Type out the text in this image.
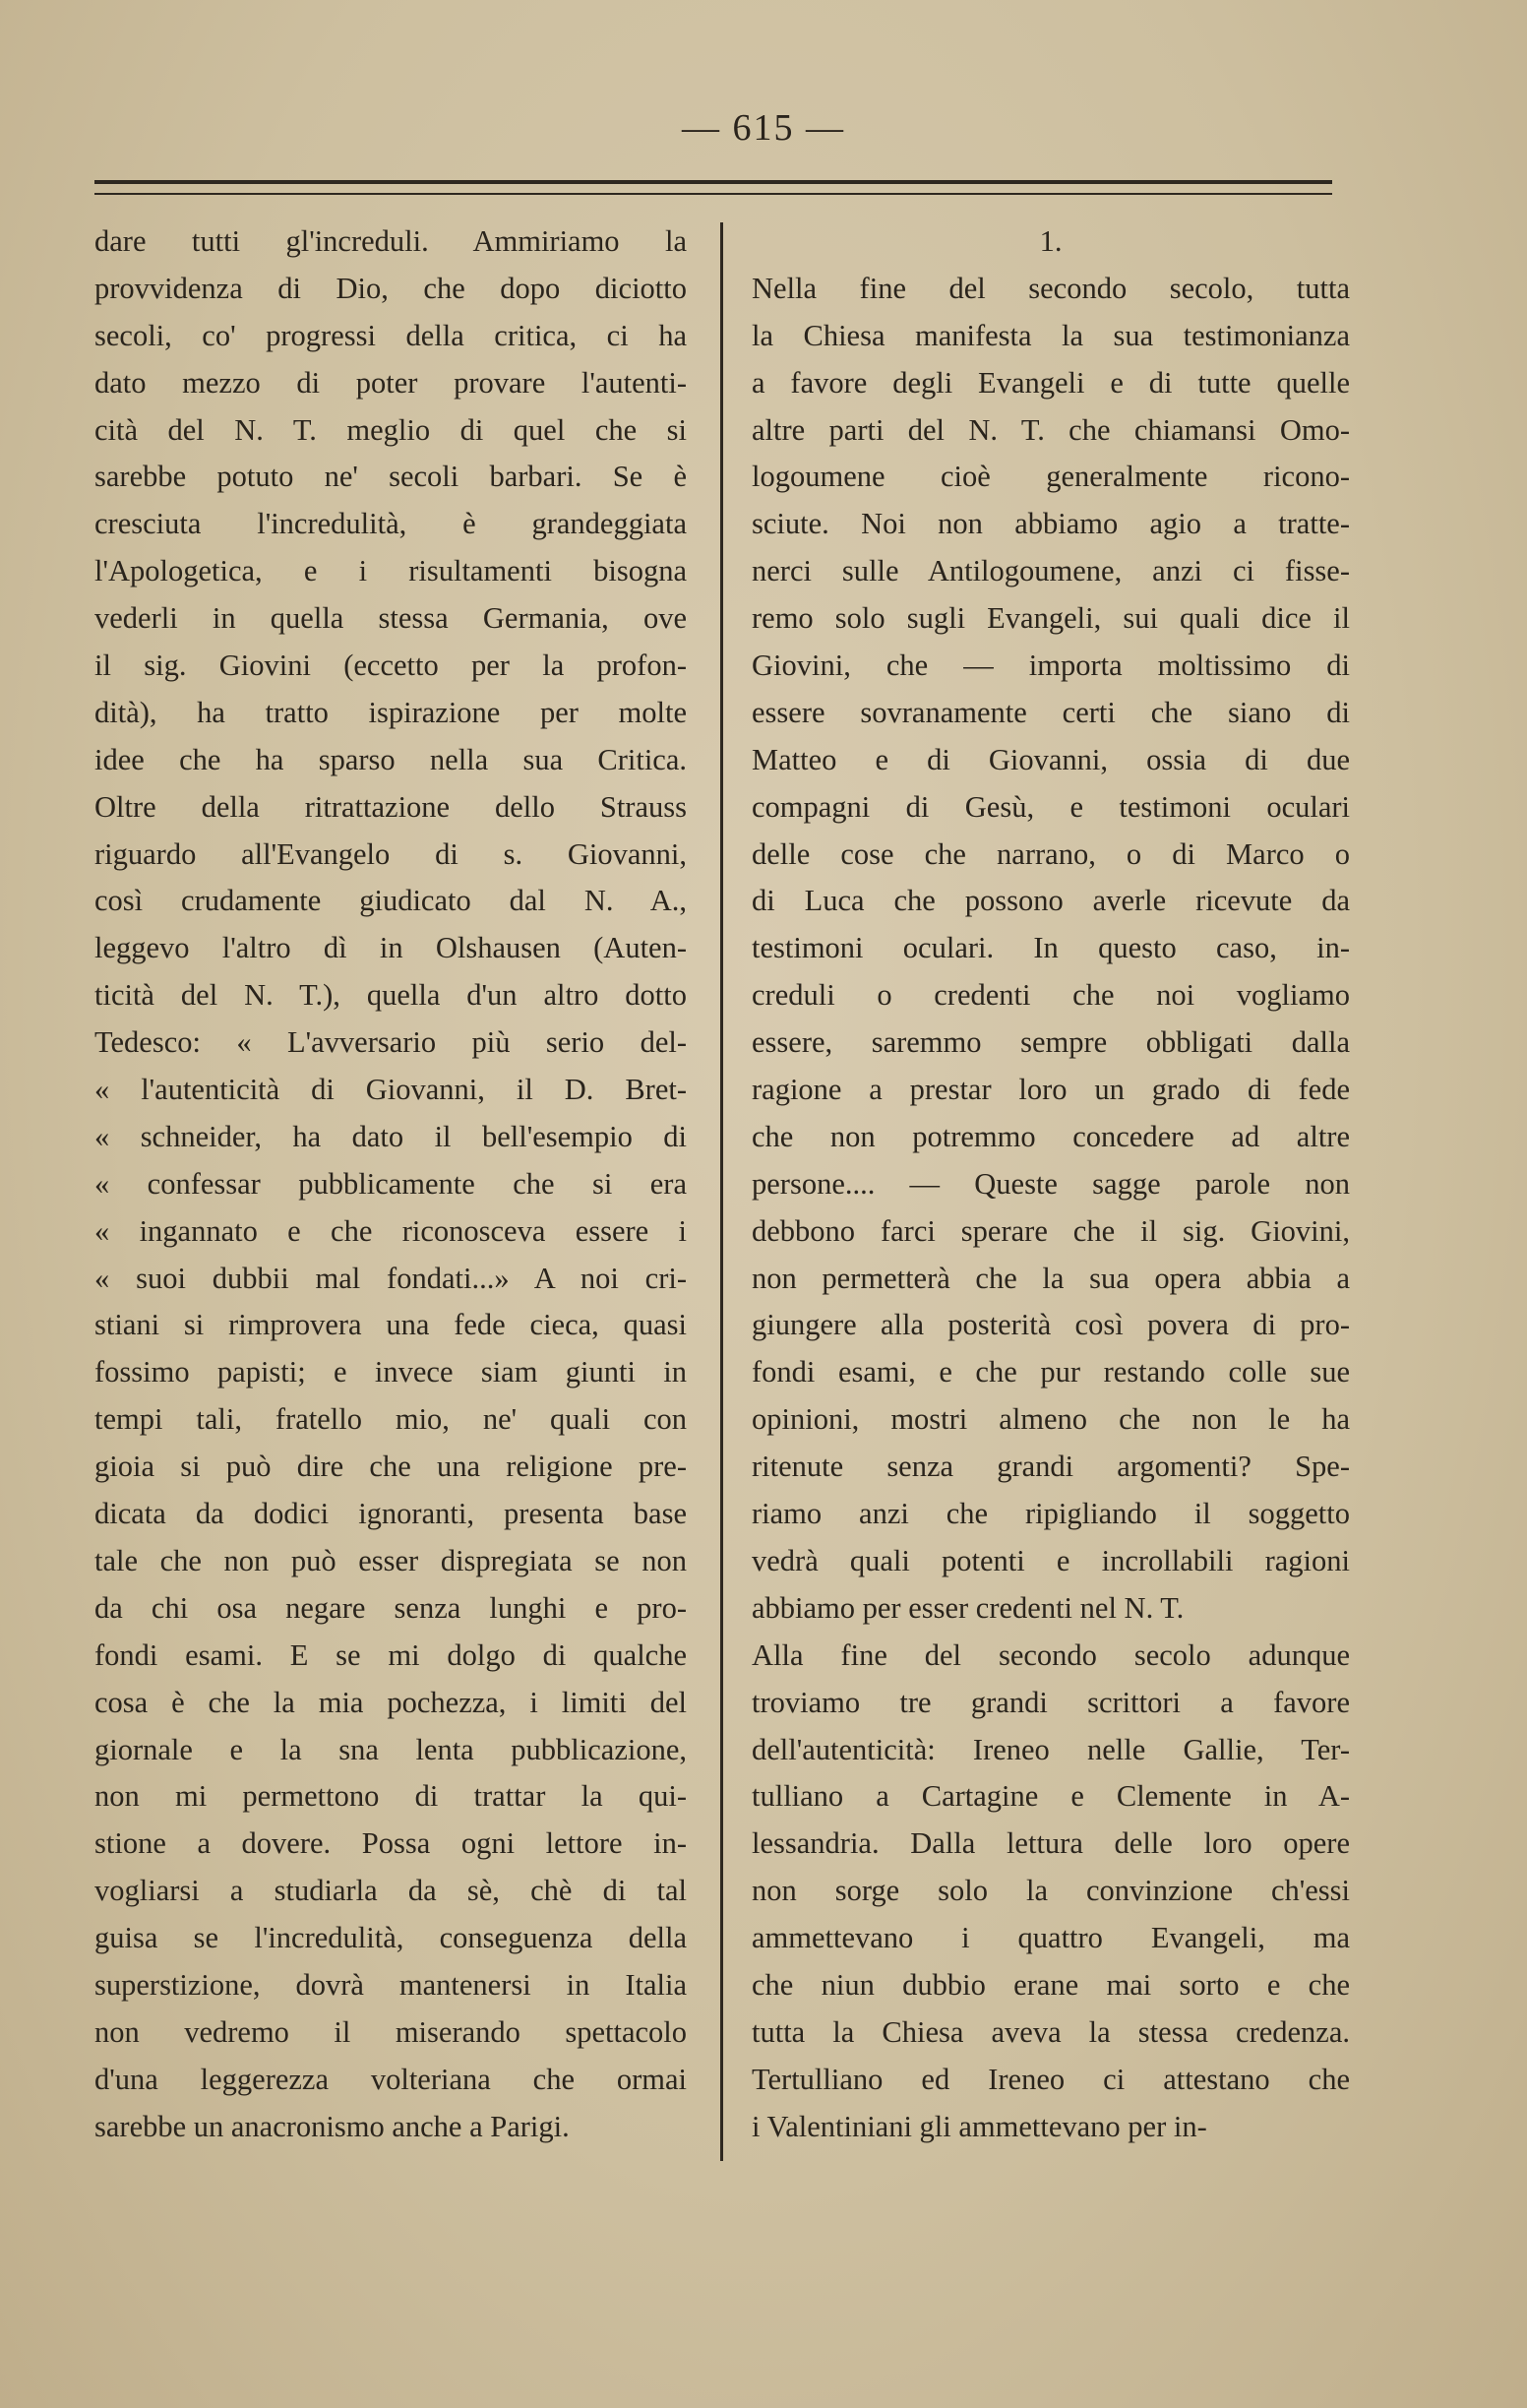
— 615 —
dare tutti gl'increduli. Ammiriamo la
provvidenza di Dio, che dopo diciotto
secoli, co' progressi della critica, ci ha
dato mezzo di poter provare l'autenti-
cità del N. T. meglio di quel che si
sarebbe potuto ne' secoli barbari. Se è
cresciuta l'incredulità, è grandeggiata
l'Apologetica, e i risultamenti bisogna
vederli in quella stessa Germania, ove
il sig. Giovini (eccetto per la profon-
dità), ha tratto ispirazione per molte
idee che ha sparso nella sua Critica.
Oltre della ritrattazione dello Strauss
riguardo all'Evangelo di s. Giovanni,
così crudamente giudicato dal N. A.,
leggevo l'altro dì in Olshausen (Auten-
ticità del N. T.), quella d'un altro dotto
Tedesco: « L'avversario più serio del-
« l'autenticità di Giovanni, il D. Bret-
« schneider, ha dato il bell'esempio di
« confessar pubblicamente che si era
« ingannato e che riconosceva essere i
« suoi dubbii mal fondati...» A noi cri-
stiani si rimprovera una fede cieca, quasi
fossimo papisti; e invece siam giunti in
tempi tali, fratello mio, ne' quali con
gioia si può dire che una religione pre-
dicata da dodici ignoranti, presenta base
tale che non può esser dispregiata se non
da chi osa negare senza lunghi e pro-
fondi esami. E se mi dolgo di qualche
cosa è che la mia pochezza, i limiti del
giornale e la sna lenta pubblicazione,
non mi permettono di trattar la qui-
stione a dovere. Possa ogni lettore in-
vogliarsi a studiarla da sè, chè di tal
guisa se l'incredulità, conseguenza della
superstizione, dovrà mantenersi in Italia
non vedremo il miserando spettacolo
d'una leggerezza volteriana che ormai
sarebbe un anacronismo anche a Parigi.
1.
Nella fine del secondo secolo, tutta
la Chiesa manifesta la sua testimonianza
a favore degli Evangeli e di tutte quelle
altre parti del N. T. che chiamansi Omo-
logoumene cioè generalmente ricono-
sciute. Noi non abbiamo agio a tratte-
nerci sulle Antilogoumene, anzi ci fisse-
remo solo sugli Evangeli, sui quali dice il
Giovini, che — importa moltissimo di
essere sovranamente certi che siano di
Matteo e di Giovanni, ossia di due
compagni di Gesù, e testimoni oculari
delle cose che narrano, o di Marco o
di Luca che possono averle ricevute da
testimoni oculari. In questo caso, in-
creduli o credenti che noi vogliamo
essere, saremmo sempre obbligati dalla
ragione a prestar loro un grado di fede
che non potremmo concedere ad altre
persone.... — Queste sagge parole non
debbono farci sperare che il sig. Giovini,
non permetterà che la sua opera abbia a
giungere alla posterità così povera di pro-
fondi esami, e che pur restando colle sue
opinioni, mostri almeno che non le ha
ritenute senza grandi argomenti? Spe-
riamo anzi che ripigliando il soggetto
vedrà quali potenti e incrollabili ragioni
abbiamo per esser credenti nel N. T.
Alla fine del secondo secolo adunque
troviamo tre grandi scrittori a favore
dell'autenticità: Ireneo nelle Gallie, Ter-
tulliano a Cartagine e Clemente in A-
lessandria. Dalla lettura delle loro opere
non sorge solo la convinzione ch'essi
ammettevano i quattro Evangeli, ma
che niun dubbio erane mai sorto e che
tutta la Chiesa aveva la stessa credenza.
Tertulliano ed Ireneo ci attestano che
i Valentiniani gli ammettevano per in-
